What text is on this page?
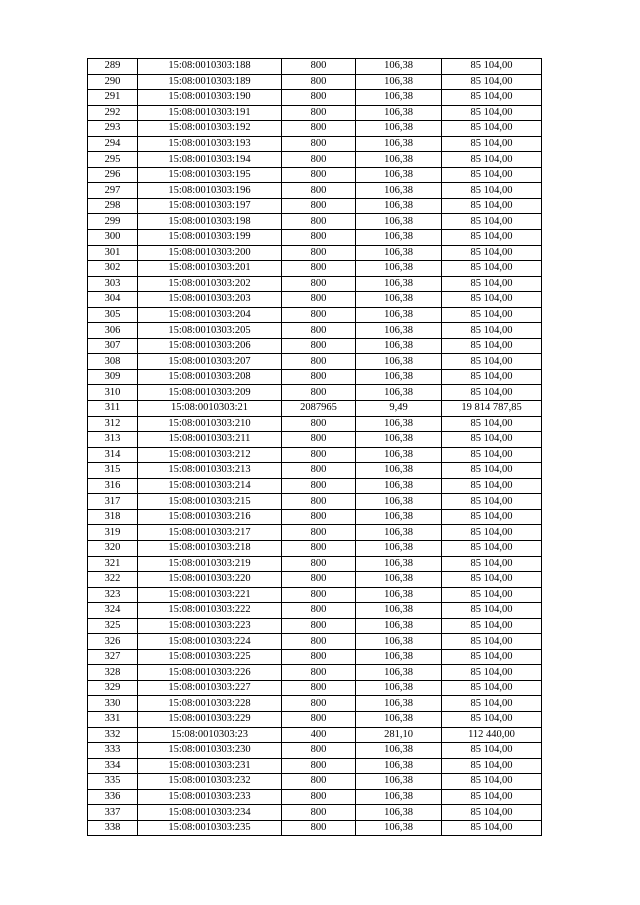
289	15:08:0010303:188	800	106,38	85 104,00
290	15:08:0010303:189	800	106,38	85 104,00
291	15:08:0010303:190	800	106,38	85 104,00
292	15:08:0010303:191	800	106,38	85 104,00
293	15:08:0010303:192	800	106,38	85 104,00
294	15:08:0010303:193	800	106,38	85 104,00
295	15:08:0010303:194	800	106,38	85 104,00
296	15:08:0010303:195	800	106,38	85 104,00
297	15:08:0010303:196	800	106,38	85 104,00
298	15:08:0010303:197	800	106,38	85 104,00
299	15:08:0010303:198	800	106,38	85 104,00
300	15:08:0010303:199	800	106,38	85 104,00
301	15:08:0010303:200	800	106,38	85 104,00
302	15:08:0010303:201	800	106,38	85 104,00
303	15:08:0010303:202	800	106,38	85 104,00
304	15:08:0010303:203	800	106,38	85 104,00
305	15:08:0010303:204	800	106,38	85 104,00
306	15:08:0010303:205	800	106,38	85 104,00
307	15:08:0010303:206	800	106,38	85 104,00
308	15:08:0010303:207	800	106,38	85 104,00
309	15:08:0010303:208	800	106,38	85 104,00
310	15:08:0010303:209	800	106,38	85 104,00
311	15:08:0010303:21	2087965	9,49	19 814 787,85
312	15:08:0010303:210	800	106,38	85 104,00
313	15:08:0010303:211	800	106,38	85 104,00
314	15:08:0010303:212	800	106,38	85 104,00
315	15:08:0010303:213	800	106,38	85 104,00
316	15:08:0010303:214	800	106,38	85 104,00
317	15:08:0010303:215	800	106,38	85 104,00
318	15:08:0010303:216	800	106,38	85 104,00
319	15:08:0010303:217	800	106,38	85 104,00
320	15:08:0010303:218	800	106,38	85 104,00
321	15:08:0010303:219	800	106,38	85 104,00
322	15:08:0010303:220	800	106,38	85 104,00
323	15:08:0010303:221	800	106,38	85 104,00
324	15:08:0010303:222	800	106,38	85 104,00
325	15:08:0010303:223	800	106,38	85 104,00
326	15:08:0010303:224	800	106,38	85 104,00
327	15:08:0010303:225	800	106,38	85 104,00
328	15:08:0010303:226	800	106,38	85 104,00
329	15:08:0010303:227	800	106,38	85 104,00
330	15:08:0010303:228	800	106,38	85 104,00
331	15:08:0010303:229	800	106,38	85 104,00
332	15:08:0010303:23	400	281,10	112 440,00
333	15:08:0010303:230	800	106,38	85 104,00
334	15:08:0010303:231	800	106,38	85 104,00
335	15:08:0010303:232	800	106,38	85 104,00
336	15:08:0010303:233	800	106,38	85 104,00
337	15:08:0010303:234	800	106,38	85 104,00
338	15:08:0010303:235	800	106,38	85 104,00
